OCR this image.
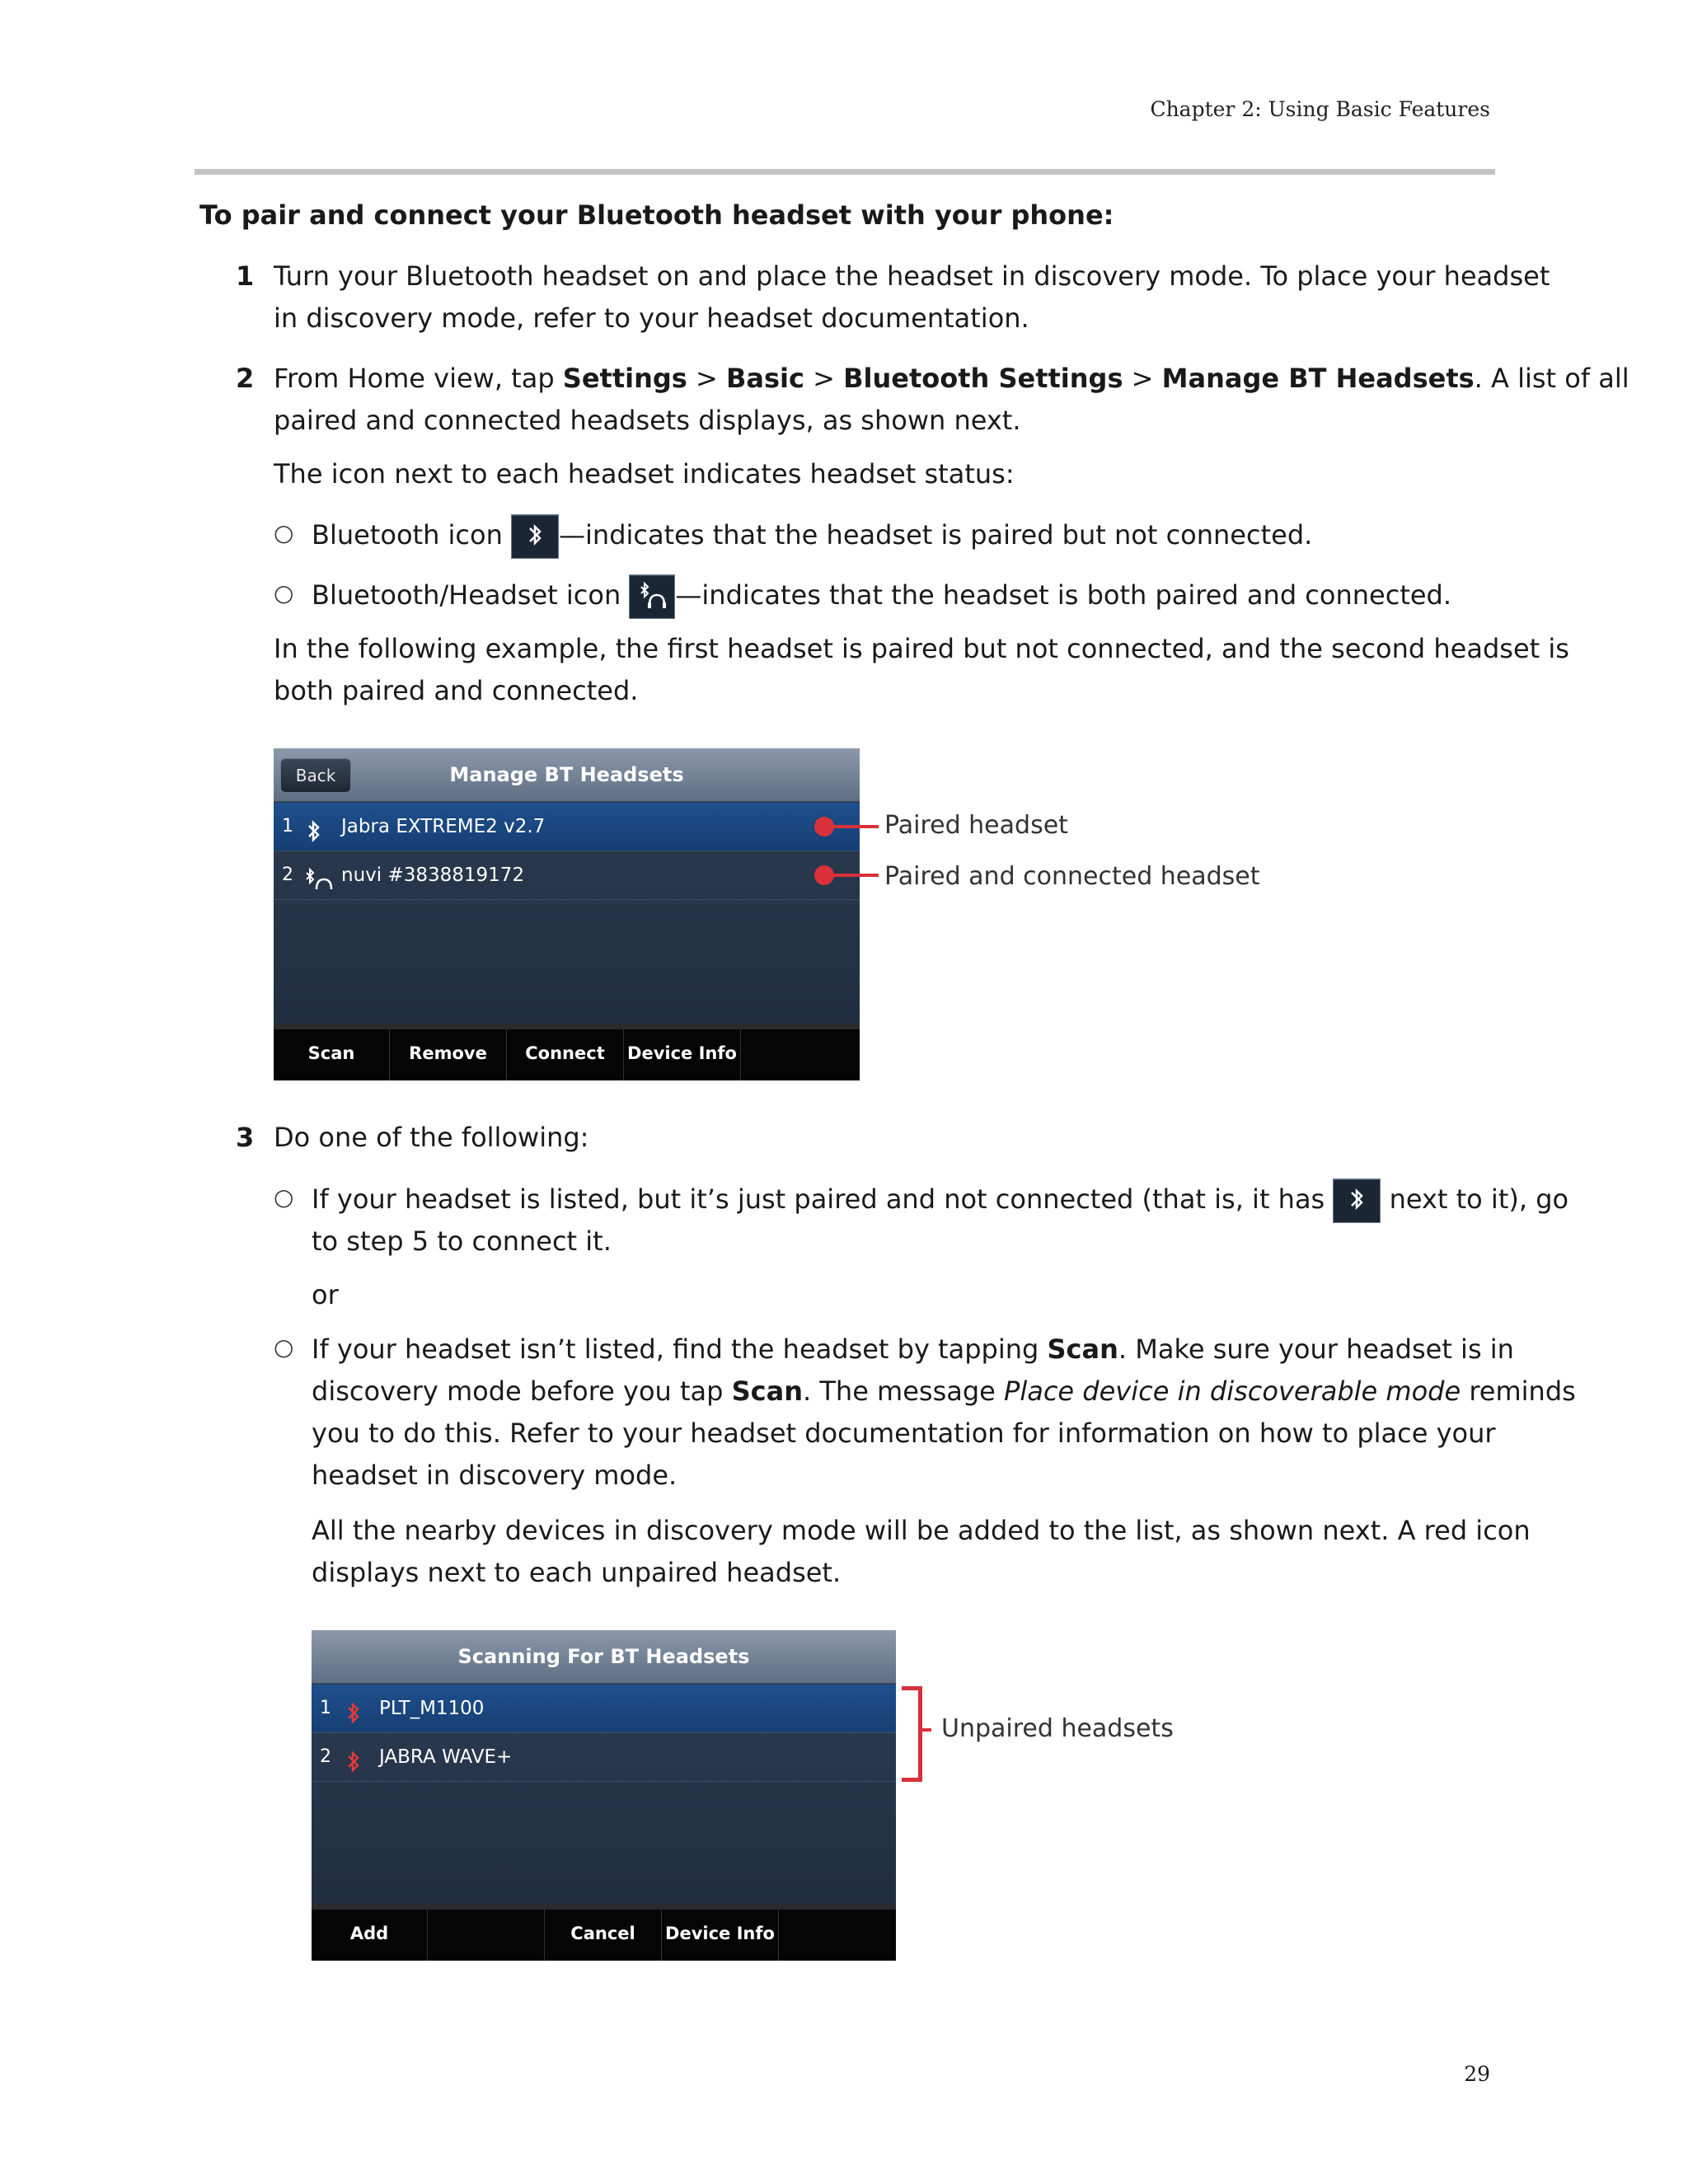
Chapter 2: Using Basic Features
To pair and connect your Bluetooth headset with your phone:
1 Turn your Bluetooth headset on and place the headset in discovery mode. To place your headset

in discovery mode, refer to your headset documentation.

2 From Home view, tap Settings > Basic > Bluetooth Settings > Manage BT Headsets. A list of all

paired and connected headsets displays, as shown next.

The icon next to each headset indicates headset status:

○ Bluetooth icon
—indicates that the headset is paired but not connected.

○ Bluetooth/Headset icon
—indicates that the headset is both paired and connected.

In the following example, the first headset is paired but not connected, and the second headset is

both paired and connected.

Manage BT Headsets
Back
1	Jabra EXTREME2 v2.7
2	nuvi #3838819172
Scan	Remove	Connect	Device Info
Paired headset
Paired and connected headset
3 Do one of the following:

○ If your headset is listed, but it’s just paired and not connected (that is, it has
next to it), go

to step 5 to connect it.

or

○ If your headset isn’t listed, find the headset by tapping Scan. Make sure your headset is in

discovery mode before you tap Scan. The message Place device in discoverable mode reminds

you to do this. Refer to your headset documentation for information on how to place your

headset in discovery mode.

All the nearby devices in discovery mode will be added to the list, as shown next. A red icon

displays next to each unpaired headset.

Scanning For BT Headsets
1	PLT_M1100
2	JABRA WAVE+
Add	Cancel	Device Info
Unpaired headsets
29
